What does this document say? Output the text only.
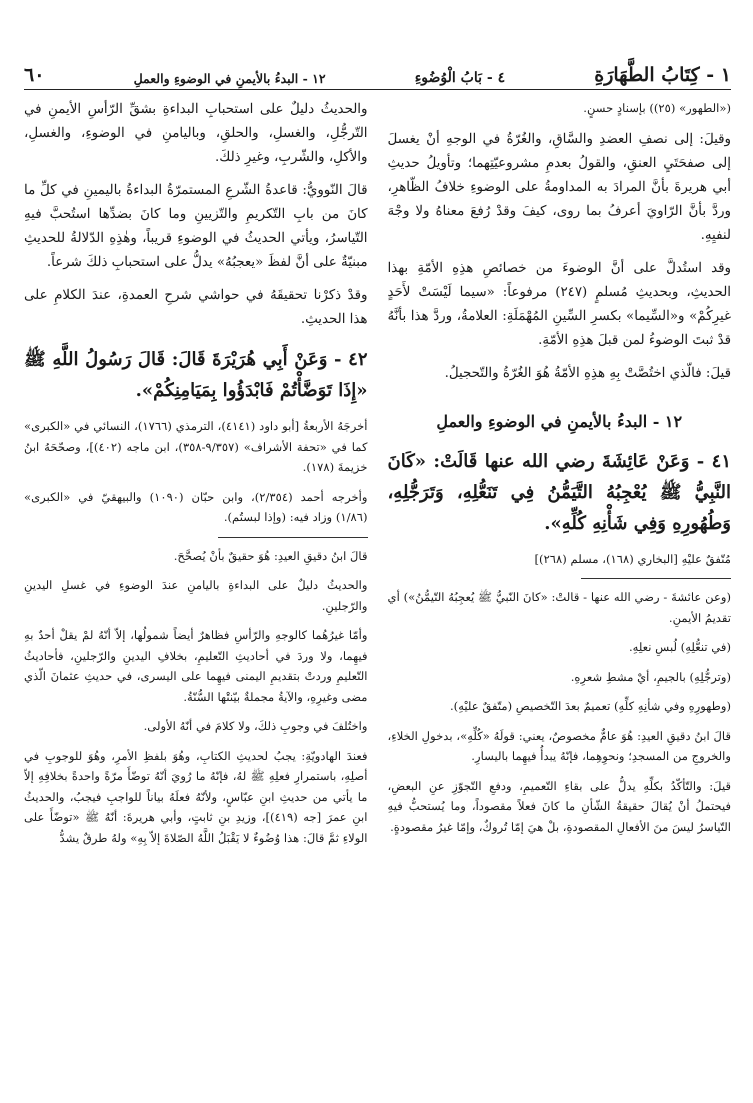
١ - كِتَابُ الطَّهَارَةِ
٤ - بَابُ الْوُضُوءِ
١٢ - البدءُ بالأيمنِ في الوضوءِ والعملِ
٦٠

(«الطهور» (٢٥)) بإسنادٍ حسنٍ.

وقيلَ: إلى نصفِ العضدِ والسَّاقِ، والغُرّةُ في الوجهِ أنْ يغسلَ إلى صفحَتَيِ العنقِ، والقولُ بعدمِ مشروعيّتِهما؛ وتأويلُ حديثِ أبي هريرةَ بأنَّ المرادَ به المداومةُ على الوضوءِ خلافُ الظّاهرِ، وردَّ بأنَّ الرّاويَ أعرفُ بما روى، كيفَ وقدْ رُفعَ معناهُ ولا وجْهَ لنفيِهِ.

وقد استُدلَّ على أنَّ الوضوءَ من خصائصِ هذِهِ الأمّةِ بهذا الحديثِ، وبحديثِ مُسلمٍ (٢٤٧) مرفوعاً: «سيما لَيْسَتْ لأَحَدٍ غيرِكُمْ» و«السِّيما» بكسرِ السِّينِ المُهْمَلَةِ: العلامةُ، وردَّ هذا بأنَّهُ قدْ ثبتَ الوضوءُ لمن قبلَ هذِهِ الأمّةِ.

قيلَ: فالّذي اختُصَّتْ بِهِ هذِهِ الأمّةُ هُوَ الغُرّةُ والتّحجيلُ.

١٢ - البدءُ بالأيمنِ في الوضوءِ والعملِ

٤١ - وَعَنْ عَائِشَةَ رضي الله عنها قَالَتْ: «كَانَ النَّبِيُّ ﷺ يُعْجِبُهُ التَّيَمُّنُ فِي تَنَعُّلِهِ، وَتَرَجُّلِهِ، وَطُهُورِهِ وَفِي شَأْنِهِ كُلِّهِ».

مُتّفقٌ عليْهِ [البخاري (١٦٨)، مسلم (٢٦٨)]

(وعن عائشةَ - رضي الله عنها - قالتْ: «كانَ النّبيُّ ﷺ يُعجِبُهُ التّيمُّنُ») أي تقديمُ الأيمنِ.

(في تنعُّلِهِ) لُبسِ نعلِهِ.

(وترجُّلِهِ) بالجيمِ، أيْ مشطِ شعرِهِ.

(وطهورِهِ وفي شأنِهِ كلِّهِ) تعميمٌ بعدَ التّخصيصِ (متّفقٌ عليْهِ).

قالَ ابنُ دقيقِ العيدِ: هُوَ عامٌّ مخصوصٌ، يعني: قولَهُ «كُلِّهِ»، بدخولِ الخلاءِ، والخروجِ من المسجدِ؛ ونحوِهِما، فإنّهُ يبدأُ فيهِما باليسارِ.

قيلَ: والتّأكّدُ بكلِّهِ يدلُّ على بقاءِ التّعميمِ، ودفعِ التّجوّزِ عنِ البعضِ، فيحتملُ أنْ يُقالَ حقيقةُ الشّأنِ ما كانَ فعلاً مقصوداً، وما يُستحبُّ فيهِ التّياسرُ ليسَ منَ الأفعالِ المقصودةِ، بلْ هيَ إمّا تُروكٌ، وإمّا غيرُ مقصودةٍ.

والحديثُ دليلٌ على استحبابِ البداءةِ بشقِّ الرّأسِ الأيمنِ في التّرجُّلِ، والغسلِ، والحلقِ، وباليامنِ في الوضوءِ، والغسلِ، والأكلِ، والشّربِ، وغيرِ ذلكَ.

قالَ النّوويُّ: قاعدةُ الشّرعِ المستمرّةُ البداءةُ باليمينِ في كلِّ ما كانَ من بابِ التّكريمِ والتّزيينِ وما كانَ بضدِّها استُحبَّ فيهِ التّياسرُ، ويأتي الحديثُ في الوضوءِ قريباً، وهٰذِهِ الدّلالةُ للحديثِ مبنيّةٌ على أنَّ لفظَ «يعجبُهُ» يدلُّ على استحبابِ ذلكَ شرعاً.

وقدْ ذكرْنا تحقيقَهُ في حواشي شرحِ العمدةِ، عندَ الكلامِ على هذا الحديثِ.

٤٢ - وَعَنْ أَبِي هُرَيْرَةَ قَالَ: قَالَ رَسُولُ اللَّهِ ﷺ «إِذَا تَوَضَّأْتُمْ فَابْدَؤُوا بِمَيَامِنِكُمْ».

أخرجَهُ الأربعةُ [أبو داود (٤١٤١)، الترمذي (١٧٦٦)، النسائي في «الكبرى» كما في «تحفة الأشراف» (٩/٣٥٧-٣٥٨)، ابن ماجه (٤٠٢)]، وصحّحَهُ ابنُ خزيمةَ (١٧٨).

وأخرجه أحمد (٢/٣٥٤)، وابن حبّان (١٠٩٠) والبيهقيّ في «الكبرى» (١/٨٦) وزاد فيه: (وإذا لبستُم).

قالَ ابنُ دقيقِ العيدِ: هُوَ حقيقٌ بأنْ يُصحَّحَ.

والحديثُ دليلٌ على البداءةِ باليامنِ عندَ الوضوءِ في غسلِ اليدينِ والرّجلينِ.

وأمّا غيرُهُما كالوجهِ والرّأسِ فظاهرٌ أيضاً شمولُها، إلاّ أنّهُ لمْ يقلْ أحدٌ بهِ فيهِما، ولا وردَ في أحاديثِ التّعليمِ، بخلافِ اليدينِ والرّجلينِ، فأحاديثُ التّعليمِ وردتْ بتقديمِ اليمنى فيهِما على اليسرى، في حديثِ عثمانَ الّذي مضى وغيرِهِ، والآيةُ مجملةٌ بيّنتْها السُّنّةُ.

واختُلفَ في وجوبِ ذلكَ، ولا كلامَ في أنّهُ الأولى.

فعندَ الهادويّةِ: يجبُ لحديثِ الكتابِ، وهُوَ بلفظِ الأمرِ، وهُوَ للوجوبِ في أصلِهِ، باستمرارِ فعلِهِ ﷺ لهُ، فإنّهُ ما رُويَ أنّهُ توضّأَ مرّةً واحدةً بخلافِهِ إلاّ ما يأتي من حديثِ ابنِ عبّاسٍ، ولأنّهُ فعلَهُ بياناً للواجبِ فيجبُ، والحديثُ ابنِ عمرَ [جه (٤١٩)]، وزيدِ بنِ ثابتٍ، وأبي هريرةَ: أنّهُ ﷺ «توضّأَ على الولاءِ ثمَّ قالَ: هذا وُضُوءٌ لا يَقْبَلُ اللَّهُ الصّلاةَ إلاّ بِهِ» ولهُ طرقٌ يشدُّ
